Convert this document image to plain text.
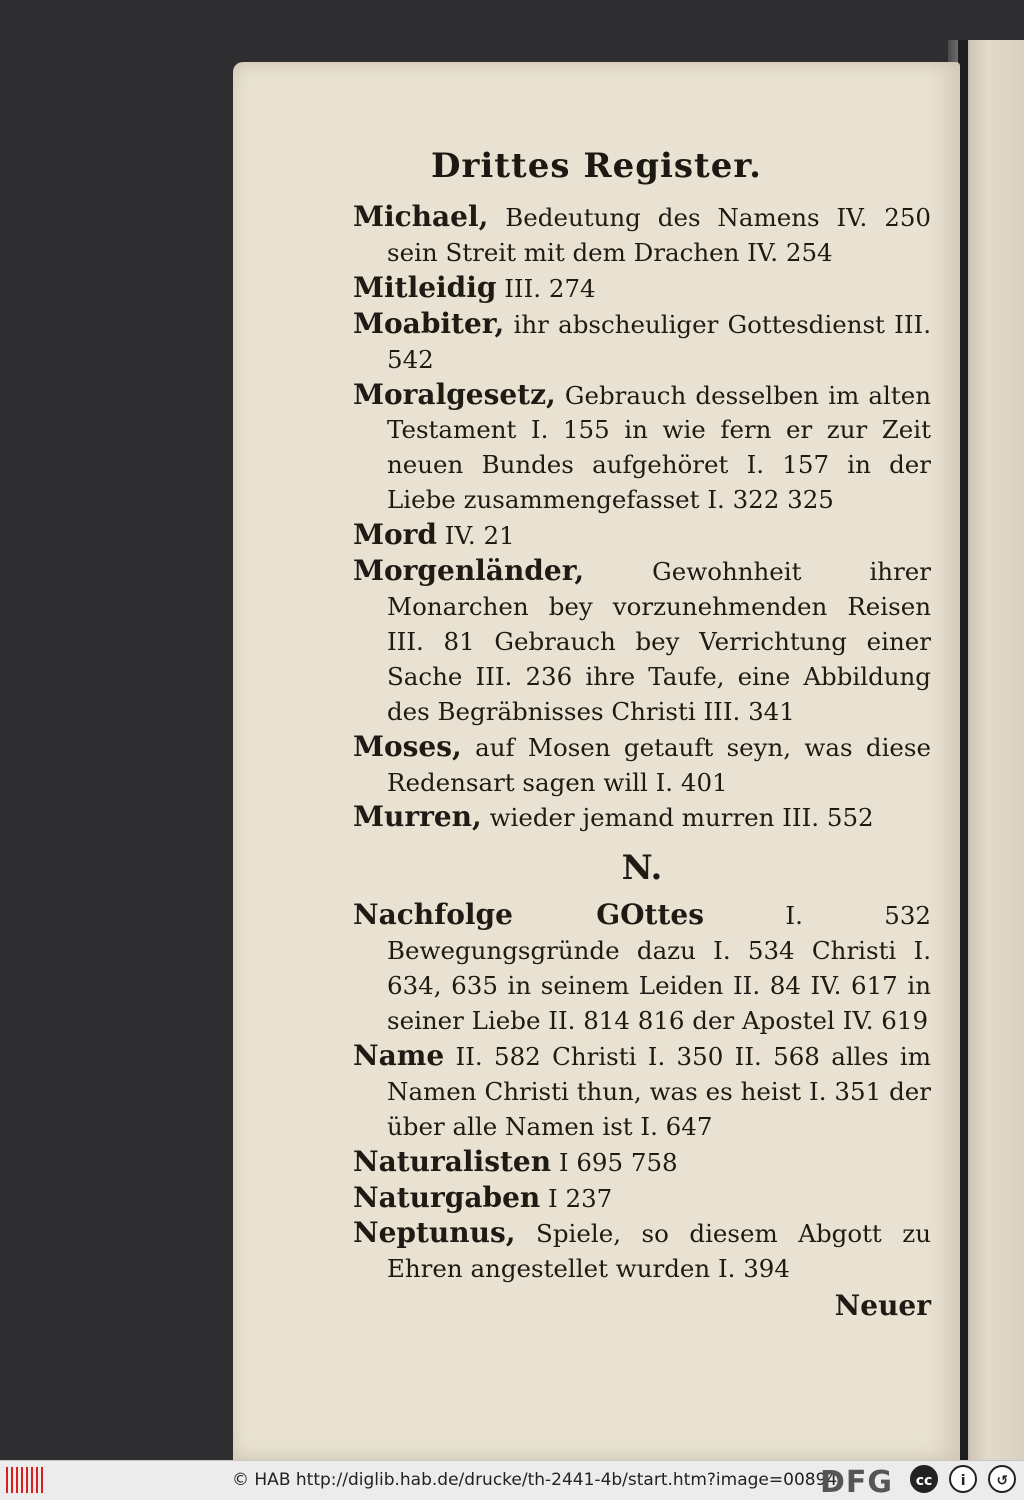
Drittes Register.

Michael, Bedeutung des Namens IV. 250 sein Streit mit dem Drachen IV. 254

Mitleidig III. 274

Moabiter, ihr abscheuliger Gottesdienst III. 542

Moralgesetz, Gebrauch desselben im alten Testament I. 155 in wie fern er zur Zeit neuen Bundes aufgehöret I. 157 in der Liebe zusammengefasset I. 322 325

Mord IV. 21

Morgenländer, Gewohnheit ihrer Monarchen bey vorzunehmenden Reisen III. 81 Gebrauch bey Verrichtung einer Sache III. 236 ihre Taufe, eine Abbildung des Begräbnisses Christi III. 341

Moses, auf Mosen getauft seyn, was diese Redensart sagen will I. 401

Murren, wieder jemand murren III. 552

N.

Nachfolge GOttes I. 532 Bewegungsgründe dazu I. 534 Christi I. 634, 635 in seinem Leiden II. 84 IV. 617 in seiner Liebe II. 814 816 der Apostel IV. 619

Name II. 582 Christi I. 350 II. 568 alles im Namen Christi thun, was es heist I. 351 der über alle Namen ist I. 647

Naturalisten I 695 758

Naturgaben I 237

Neptunus, Spiele, so diesem Abgott zu Ehren angestellet wurden I. 394

Neuer
© HAB http://diglib.hab.de/drucke/th-2441-4b/start.htm?image=00894
DFG	cc i ↺
